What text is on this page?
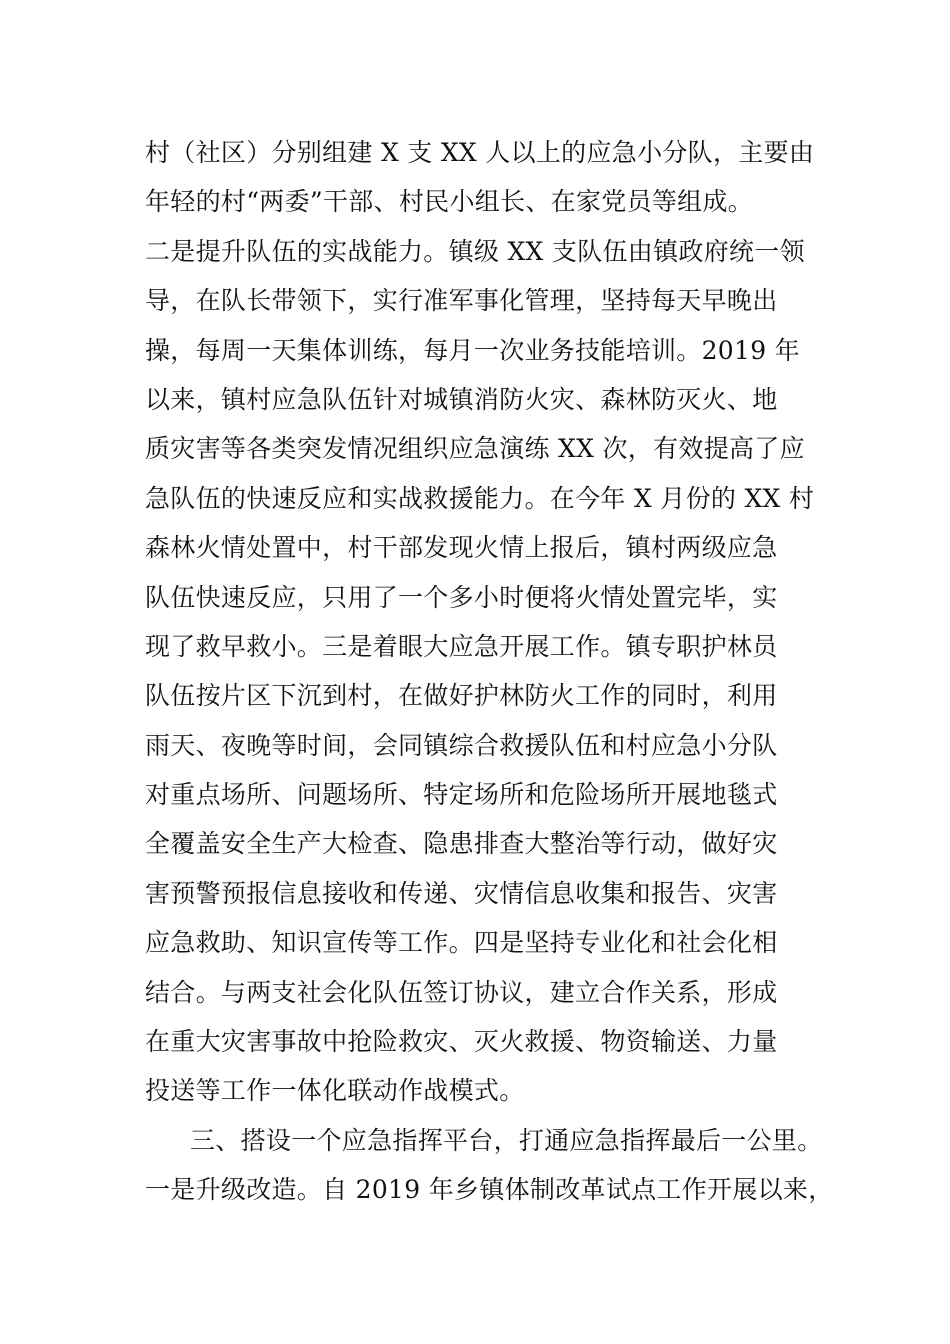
村（社区）分别组建 X 支 XX 人以上的应急小分队，主要由
年轻的村“两委”干部、村民小组长、在家党员等组成。
二是提升队伍的实战能力。镇级 XX 支队伍由镇政府统一领
导，在队长带领下，实行准军事化管理，坚持每天早晚出
操，每周一天集体训练，每月一次业务技能培训。2019 年
以来，镇村应急队伍针对城镇消防火灾、森林防灭火、地
质灾害等各类突发情况组织应急演练 XX 次，有效提高了应
急队伍的快速反应和实战救援能力。在今年 X 月份的 XX 村
森林火情处置中，村干部发现火情上报后，镇村两级应急
队伍快速反应，只用了一个多小时便将火情处置完毕，实
现了救早救小。三是着眼大应急开展工作。镇专职护林员
队伍按片区下沉到村，在做好护林防火工作的同时，利用
雨天、夜晚等时间，会同镇综合救援队伍和村应急小分队
对重点场所、问题场所、特定场所和危险场所开展地毯式
全覆盖安全生产大检查、隐患排查大整治等行动，做好灾
害预警预报信息接收和传递、灾情信息收集和报告、灾害
应急救助、知识宣传等工作。四是坚持专业化和社会化相
结合。与两支社会化队伍签订协议，建立合作关系，形成
在重大灾害事故中抢险救灾、灭火救援、物资输送、力量
投送等工作一体化联动作战模式。
三、搭设一个应急指挥平台，打通应急指挥最后一公里。
一是升级改造。自 2019 年乡镇体制改革试点工作开展以来，
